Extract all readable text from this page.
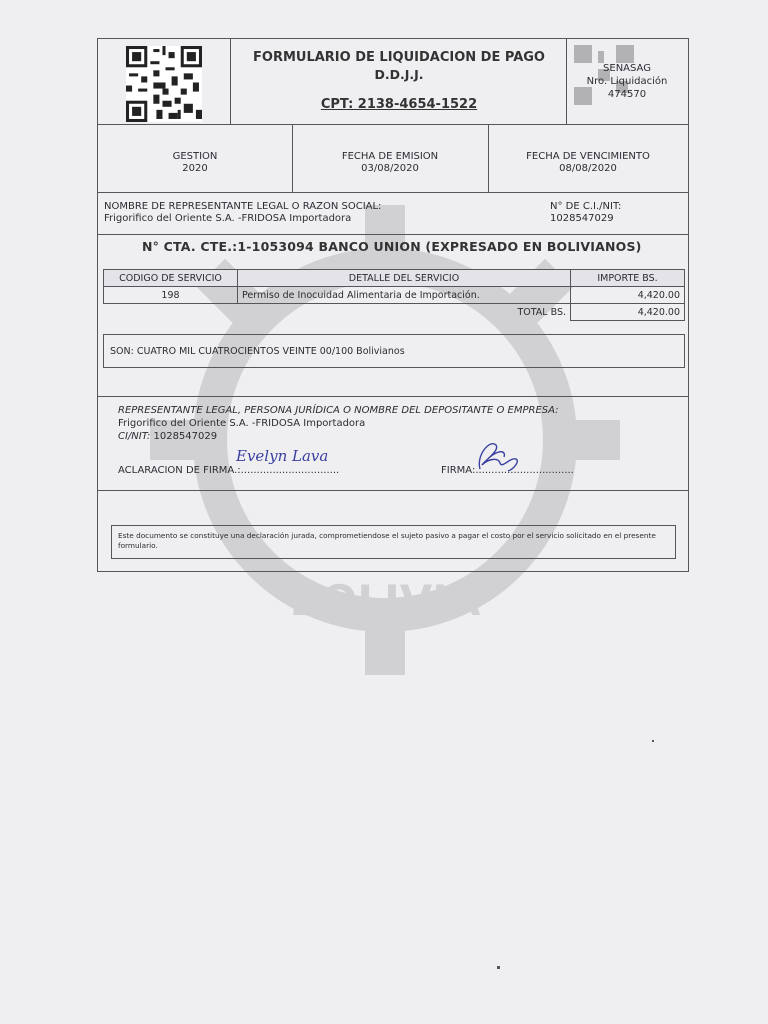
BOLIVIA
FORMULARIO DE LIQUIDACION DE PAGO
D.D.J.J.
CPT: 2138-4654-1522
SENASAG
Nro. Liquidación
474570
GESTION
2020
FECHA DE EMISION
03/08/2020
FECHA DE VENCIMIENTO
08/08/2020
NOMBRE DE REPRESENTANTE LEGAL O RAZON SOCIAL:
Frigorifico del Oriente S.A. -FRIDOSA Importadora
N° DE C.I./NIT:
1028547029
N° CTA. CTE.:1-1053094 BANCO UNION (EXPRESADO EN BOLIVIANOS)
CODIGO DE SERVICIO	DETALLE DEL SERVICIO	IMPORTE BS.
198	Permiso de Inocuidad Alimentaria de Importación.	4,420.00
	TOTAL BS.	4,420.00
SON: CUATRO MIL CUATROCIENTOS VEINTE 00/100 Bolivianos
REPRESENTANTE LEGAL, PERSONA JURÍDICA O NOMBRE DEL DEPOSITANTE O EMPRESA:
Frigorifico del Oriente S.A. -FRIDOSA Importadora
CI/NIT: 1028547029
ACLARACION DE FIRMA.:...............................
Evelyn Lava
FIRMA:...............................
Este documento se constituye una declaración jurada, comprometiendose el sujeto pasivo a pagar el costo por el servicio solicitado en el presente formulario.
